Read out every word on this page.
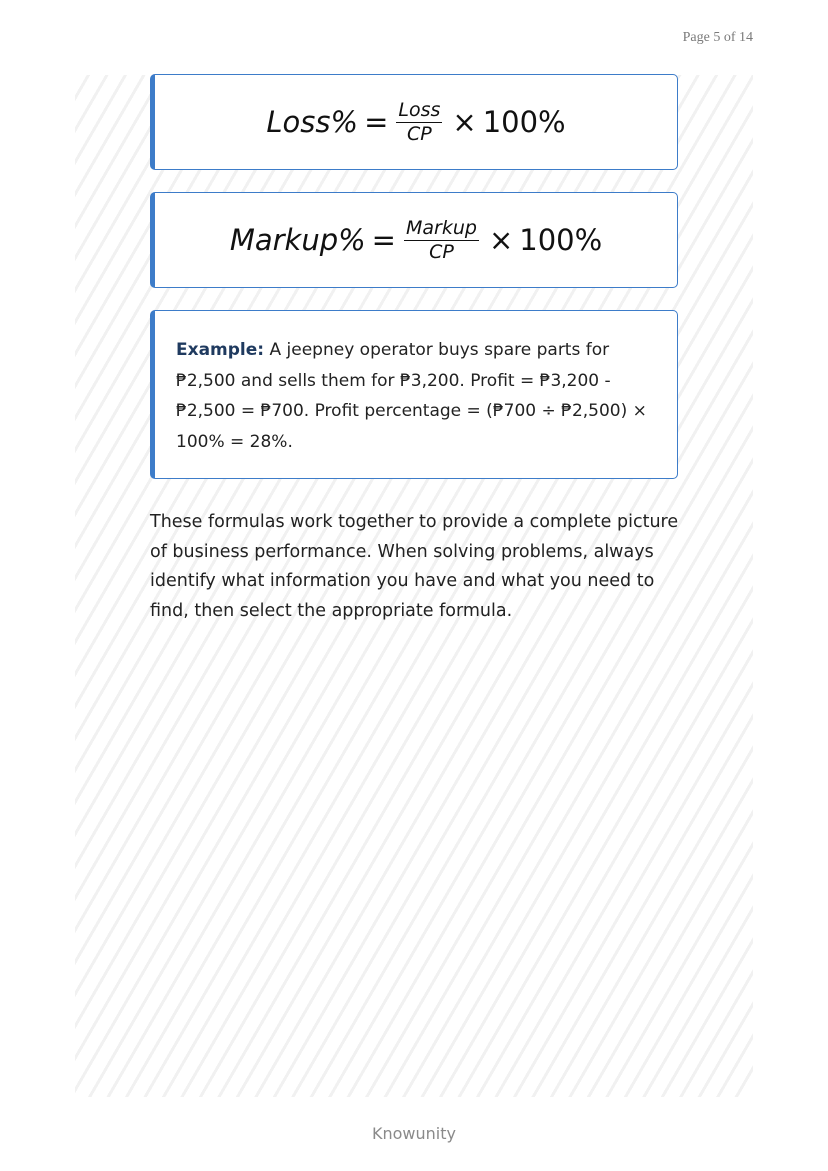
Page 5 of 14
Loss% = $\frac{\text{Loss}}{CP} \times 100\%$
Markup% = $\frac{\text{Markup}}{CP} \times 100\%$
Example: A jeepney operator buys spare parts for ₱2,500 and sells them for ₱3,200. Profit = ₱3,200 - ₱2,500 = ₱700. Profit percentage = (₱700 ÷ ₱2,500) × 100% = 28%.

These formulas work together to provide a complete picture of business performance. When solving problems, always identify what information you have and what you need to find, then select the appropriate formula.

Knowunity
